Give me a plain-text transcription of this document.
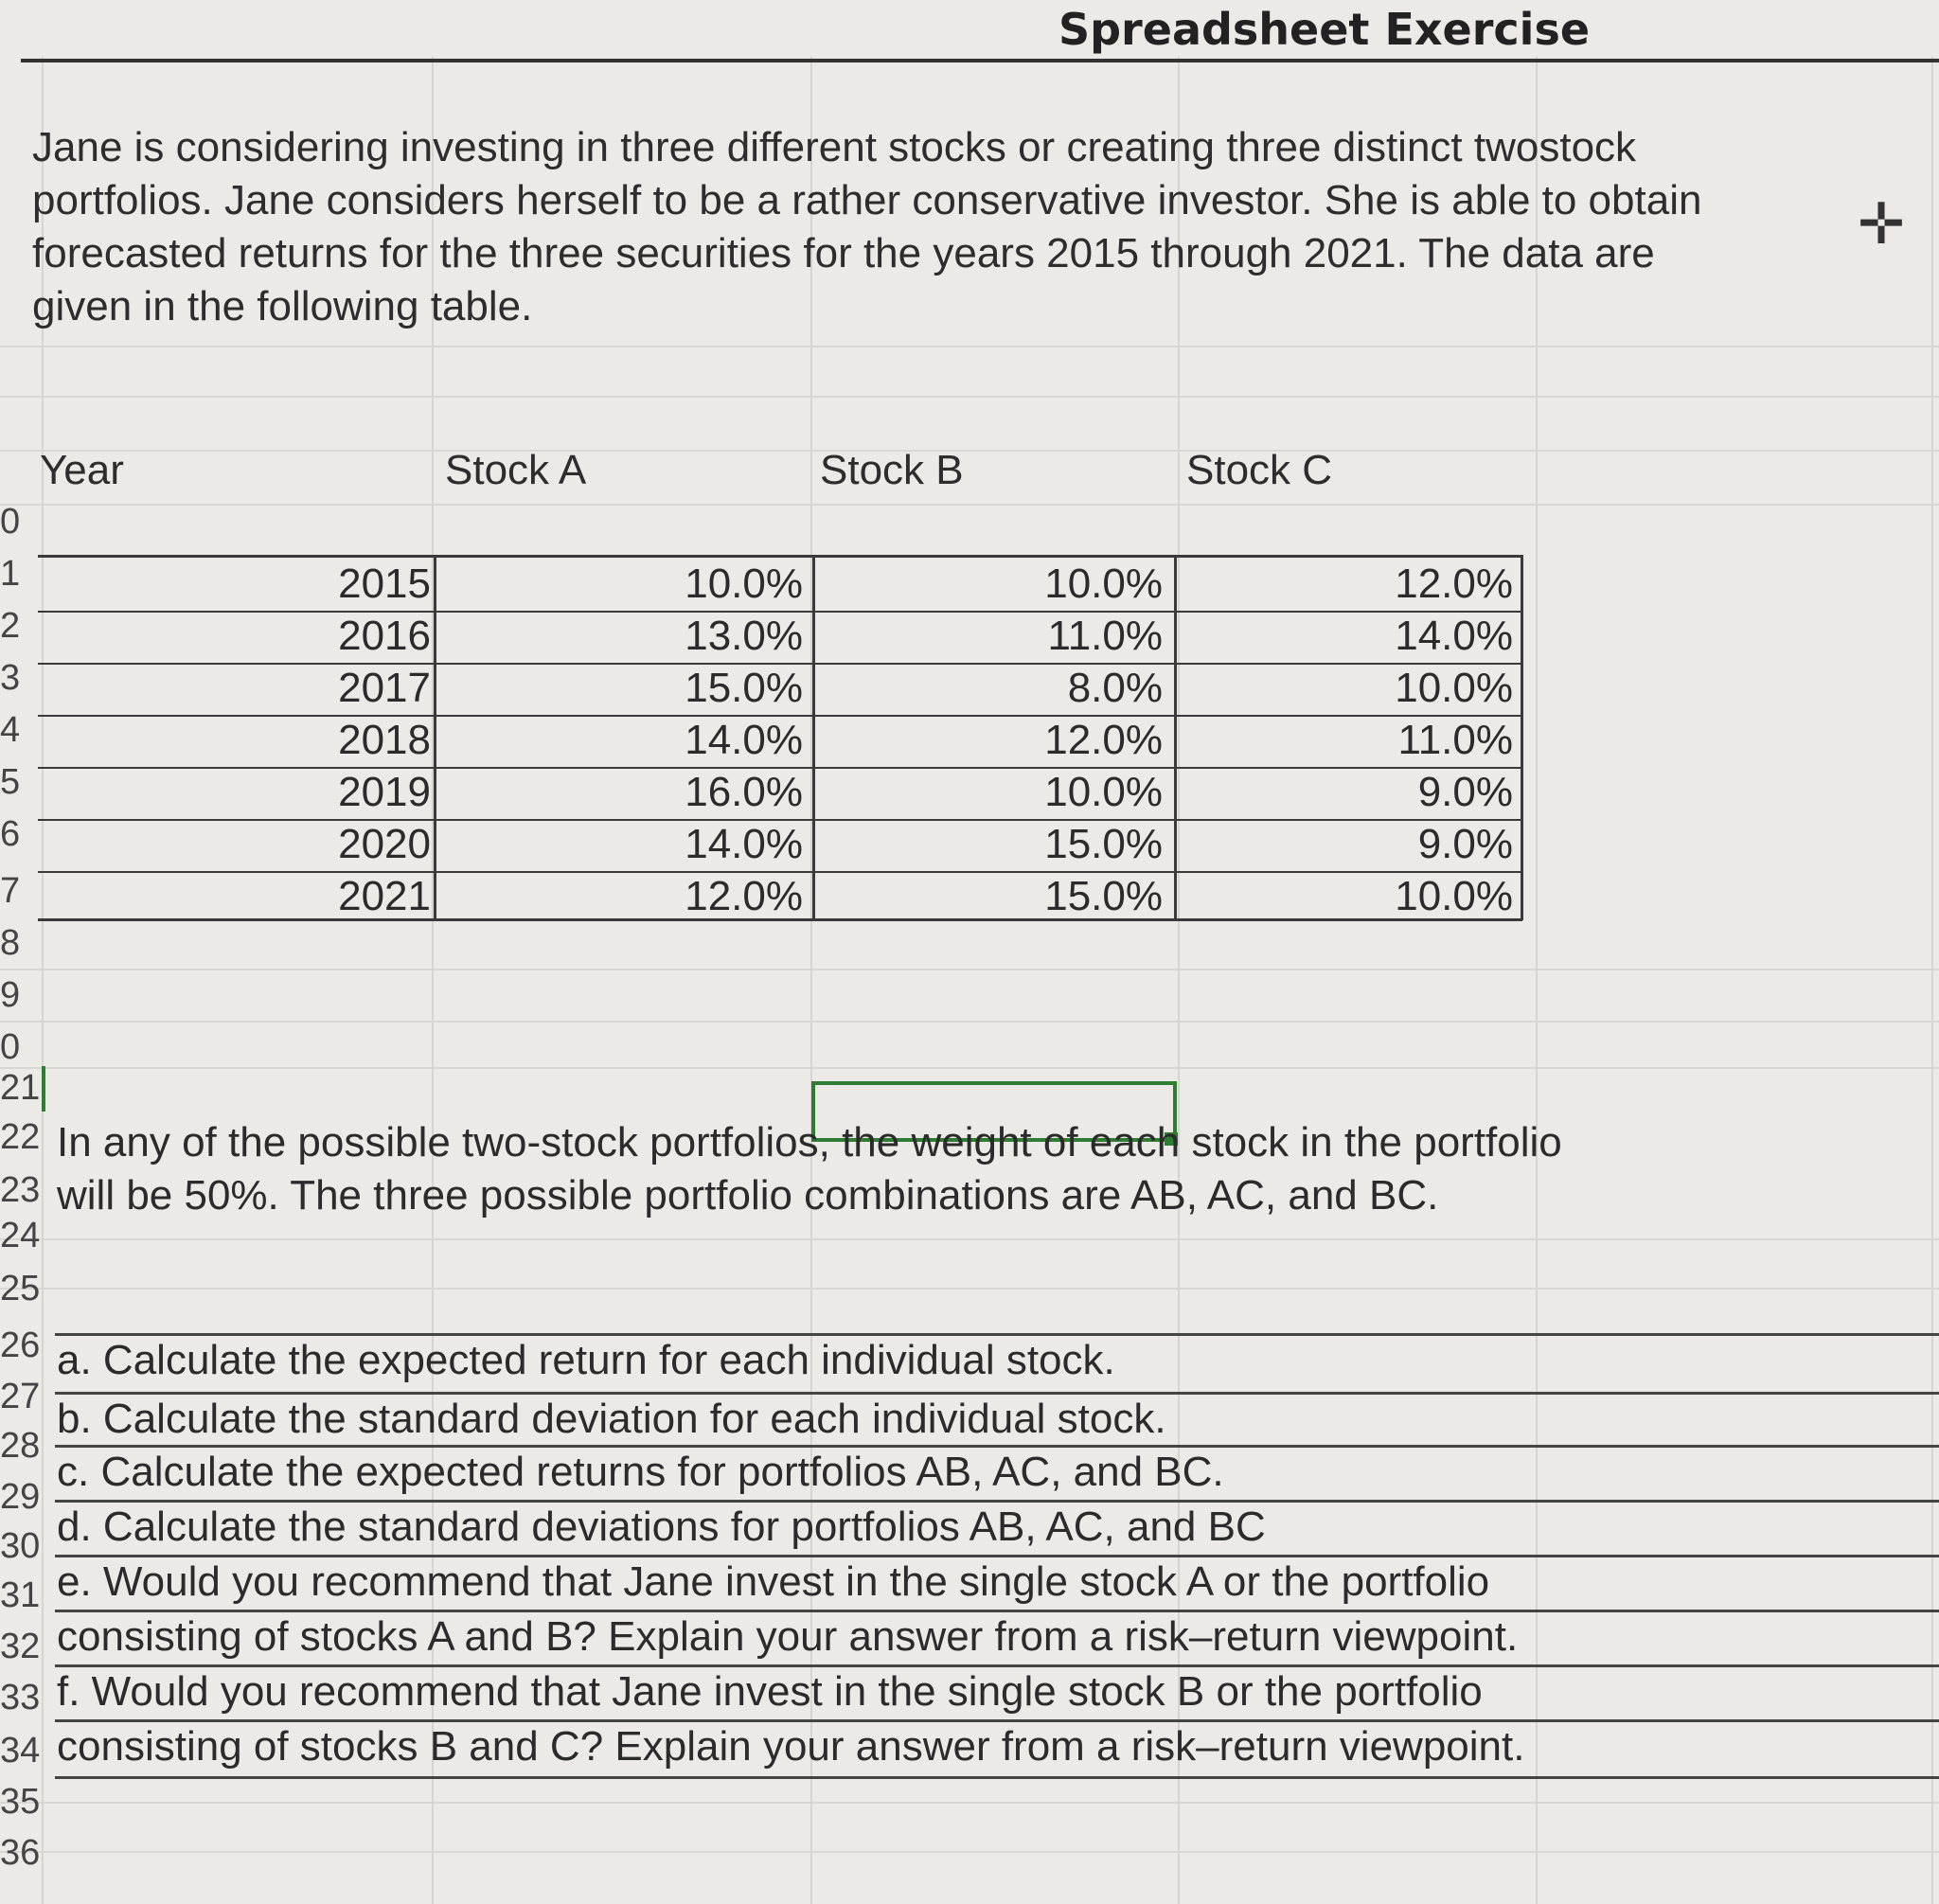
Spreadsheet Exercise
Jane is considering investing in three different stocks or creating three distinct twostock portfolios. Jane considers herself to be a rather conservative investor. She is able to obtain forecasted returns for the three securities for the years 2015 through 2021. The data are given in the following table.
✛
Year	Stock A	Stock B	Stock C
2015	10.0%	10.0%	12.0%
2016	13.0%	11.0%	14.0%
2017	15.0%	8.0%	10.0%
2018	14.0%	12.0%	11.0%
2019	16.0%	10.0%	9.0%
2020	14.0%	15.0%	9.0%
2021	12.0%	15.0%	10.0%
0
1
2
3
4
5
6
7
8
9
0
21
22
23
24
25
26
27
28
29
30
31
32
33
34
35
36
In any of the possible two-stock portfolios, the weight of each stock in the portfolio
will be 50%. The three possible portfolio combinations are AB, AC, and BC.
a. Calculate the expected return for each individual stock.
b. Calculate the standard deviation for each individual stock.
c. Calculate the expected returns for portfolios AB, AC, and BC.
d. Calculate the standard deviations for portfolios AB, AC, and BC
e. Would you recommend that Jane invest in the single stock A or the portfolio
consisting of stocks A and B? Explain your answer from a risk–return viewpoint.
f. Would you recommend that Jane invest in the single stock B or the portfolio
consisting of stocks B and C? Explain your answer from a risk–return viewpoint.
